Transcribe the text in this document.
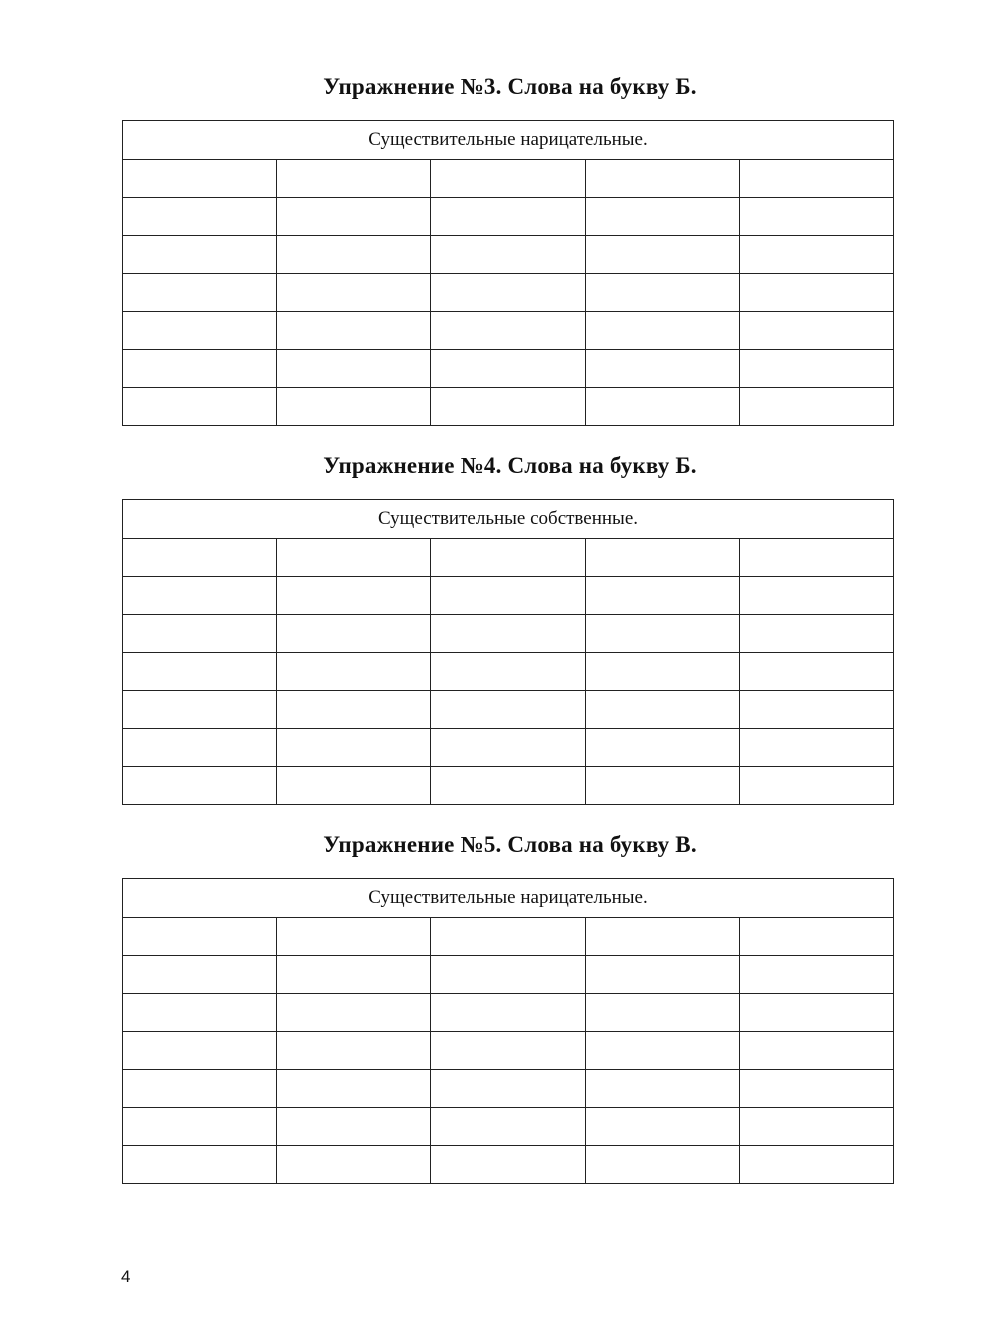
Упражнение №3. Слова на букву Б.
Существительные нарицательные.				

Упражнение №4. Слова на букву Б.
Существительные собственные.				

Упражнение №5. Слова на букву В.
Существительные нарицательные.				

4
